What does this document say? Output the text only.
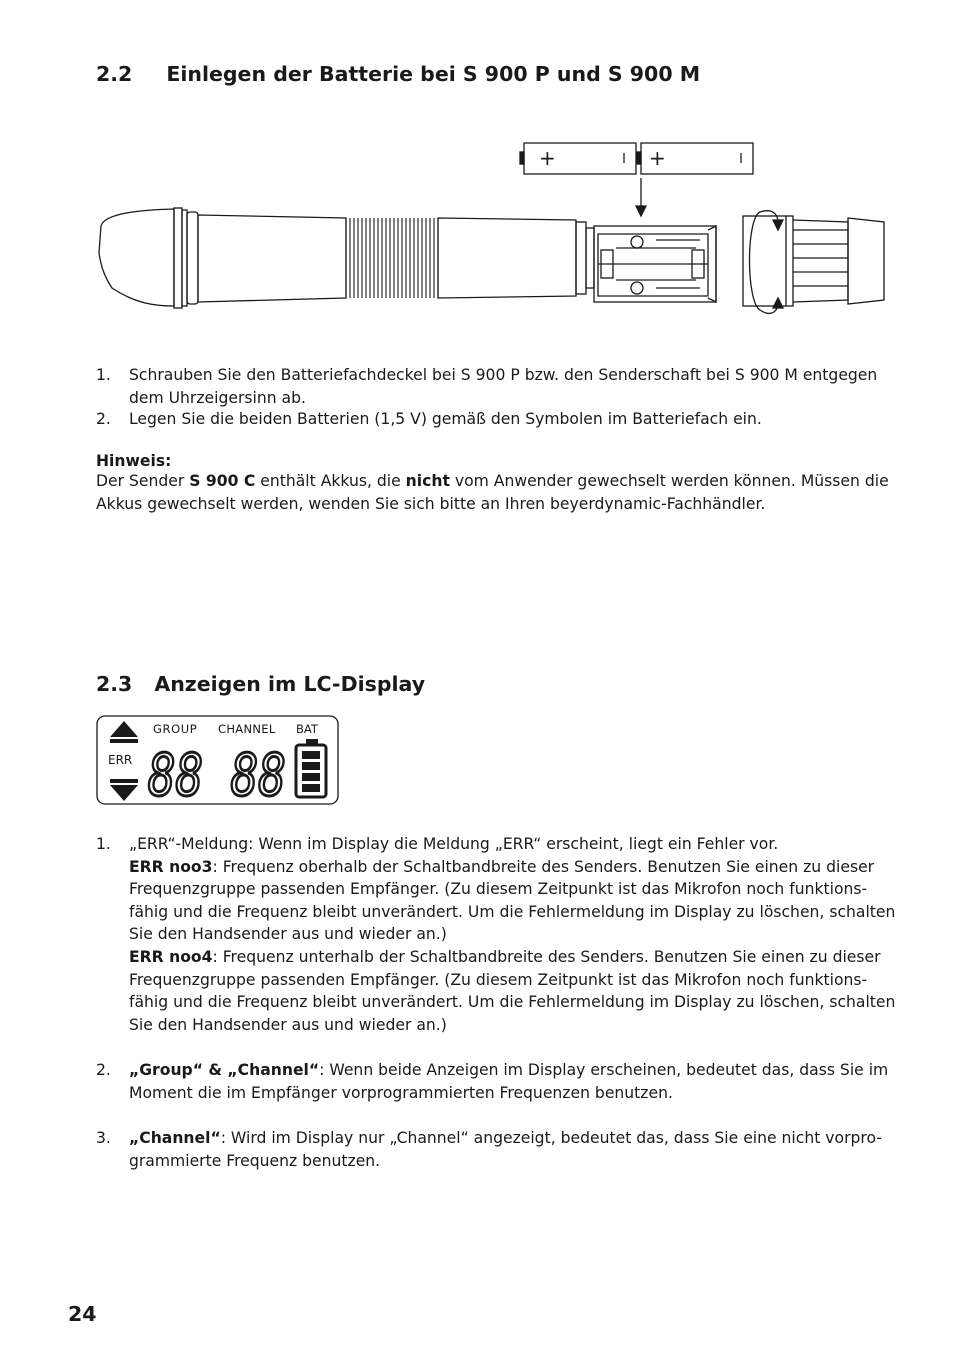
2.2 Einlegen der Batterie bei S 900 P und S 900 M
+	+
1.	Schrauben Sie den Batteriefachdeckel bei S 900 P bzw. den Senderschaft bei S 900 M entgegen dem Uhrzeigersinn ab.
2.	Legen Sie die beiden Batterien (1,5 V) gemäß den Symbolen im Batteriefach ein.
Hinweis:
Der Sender S 900 C enthält Akkus, die nicht vom Anwender gewechselt werden können. Müssen die Akkus gewechselt werden, wenden Sie sich bitte an Ihren beyerdynamic-Fachhändler.
2.3 Anzeigen im LC-Display
ERR
GROUP CHANNEL BAT
88 88
1.	„ERR“-Meldung: Wenn im Display die Meldung „ERR“ erscheint, liegt ein Fehler vor.
ERR noo3: Frequenz oberhalb der Schaltbandbreite des Senders. Benutzen Sie einen zu dieser Frequenzgruppe passenden Empfänger. (Zu diesem Zeitpunkt ist das Mikrofon noch funktions-fähig und die Frequenz bleibt unverändert. Um die Fehlermeldung im Display zu löschen, schalten Sie den Handsender aus und wieder an.)
ERR noo4: Frequenz unterhalb der Schaltbandbreite des Senders. Benutzen Sie einen zu dieser Frequenzgruppe passenden Empfänger. (Zu diesem Zeitpunkt ist das Mikrofon noch funktions-fähig und die Frequenz bleibt unverändert. Um die Fehlermeldung im Display zu löschen, schalten Sie den Handsender aus und wieder an.)
2.	„Group“ & „Channel“: Wenn beide Anzeigen im Display erscheinen, bedeutet das, dass Sie im Moment die im Empfänger vorprogrammierten Frequenzen benutzen.
3.	„Channel“: Wird im Display nur „Channel“ angezeigt, bedeutet das, dass Sie eine nicht vorpro-grammierte Frequenz benutzen.
24
